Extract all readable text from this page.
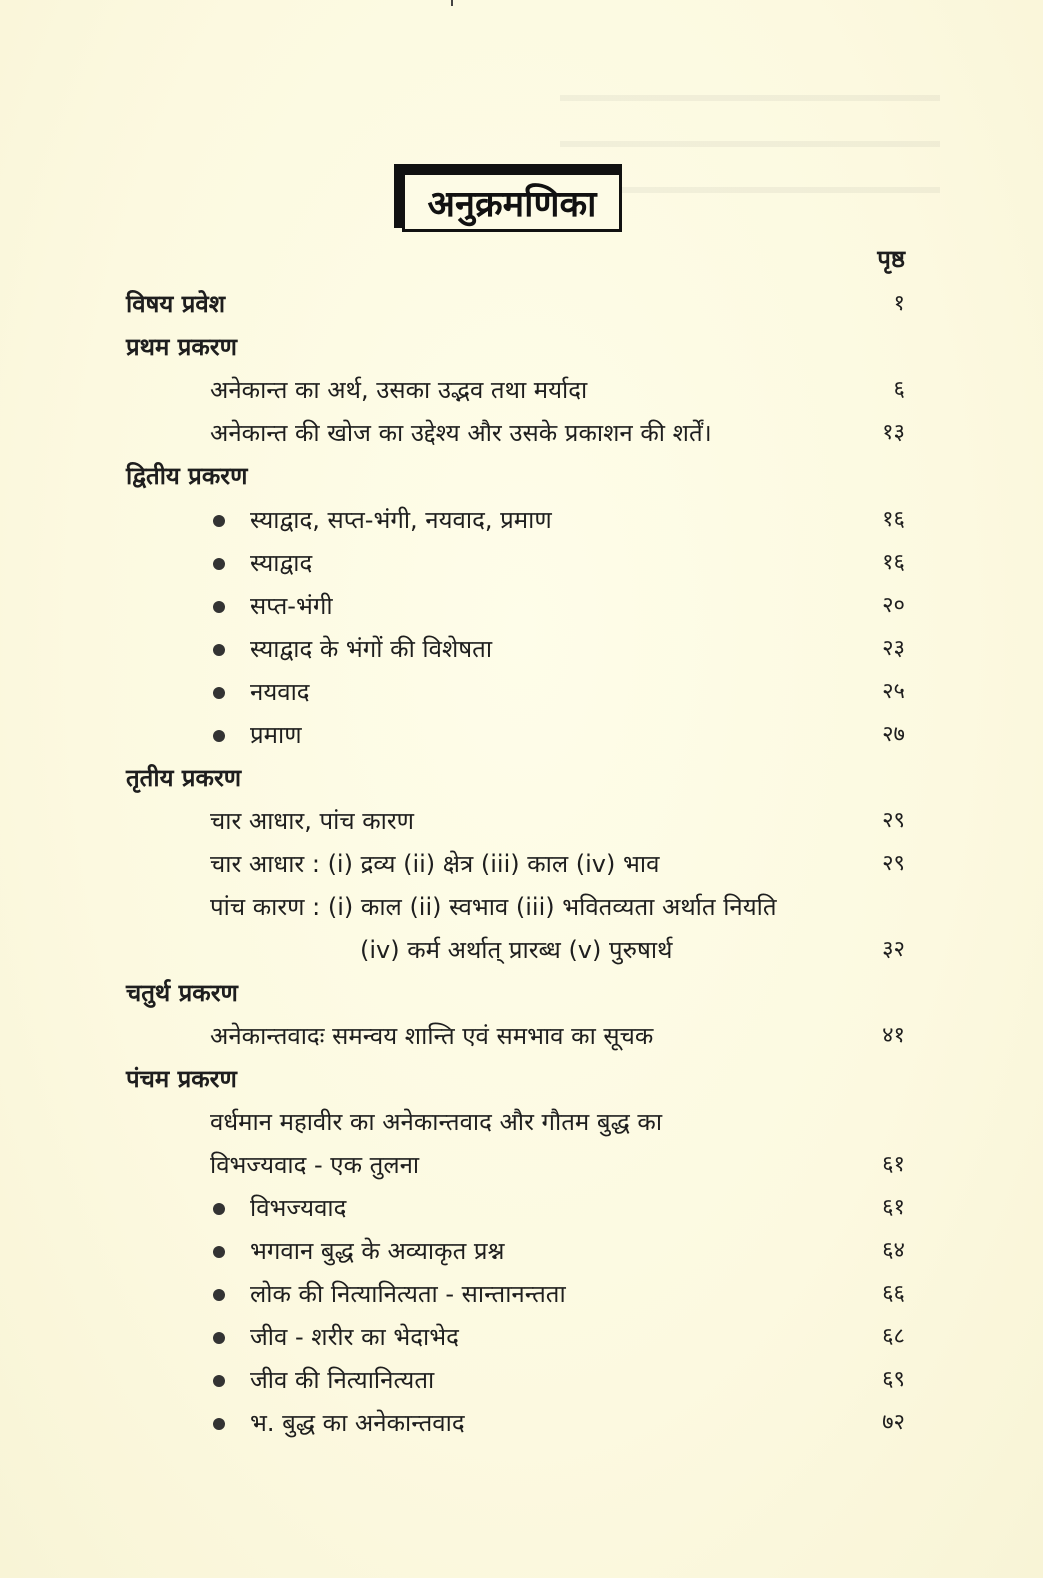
अनुक्रमणिका
पृष्ठ
विषय प्रवेश	१
प्रथम प्रकरण
अनेकान्त का अर्थ, उसका उद्भव तथा मर्यादा	६
अनेकान्त की खोज का उद्देश्य और उसके प्रकाशन की शर्तें।	१३
द्वितीय प्रकरण
स्याद्वाद, सप्त-भंगी, नयवाद, प्रमाण	१६
स्याद्वाद	१६
सप्त-भंगी	२०
स्याद्वाद के भंगों की विशेषता	२३
नयवाद	२५
प्रमाण	२७
तृतीय प्रकरण
चार आधार, पांच कारण	२९
चार आधार : (i) द्रव्य (ii) क्षेत्र (iii) काल (iv) भाव	२९
पांच कारण : (i) काल (ii) स्वभाव (iii) भवितव्यता अर्थात नियति
(iv) कर्म अर्थात् प्रारब्ध (v) पुरुषार्थ	३२
चतुर्थ प्रकरण
अनेकान्तवादः समन्वय शान्ति एवं समभाव का सूचक	४१
पंचम प्रकरण
वर्धमान महावीर का अनेकान्तवाद और गौतम बुद्ध का
विभज्यवाद - एक तुलना	६१
विभज्यवाद	६१
भगवान बुद्ध के अव्याकृत प्रश्न	६४
लोक की नित्यानित्यता - सान्तानन्तता	६६
जीव - शरीर का भेदाभेद	६८
जीव की नित्यानित्यता	६९
भ. बुद्ध का अनेकान्तवाद	७२
